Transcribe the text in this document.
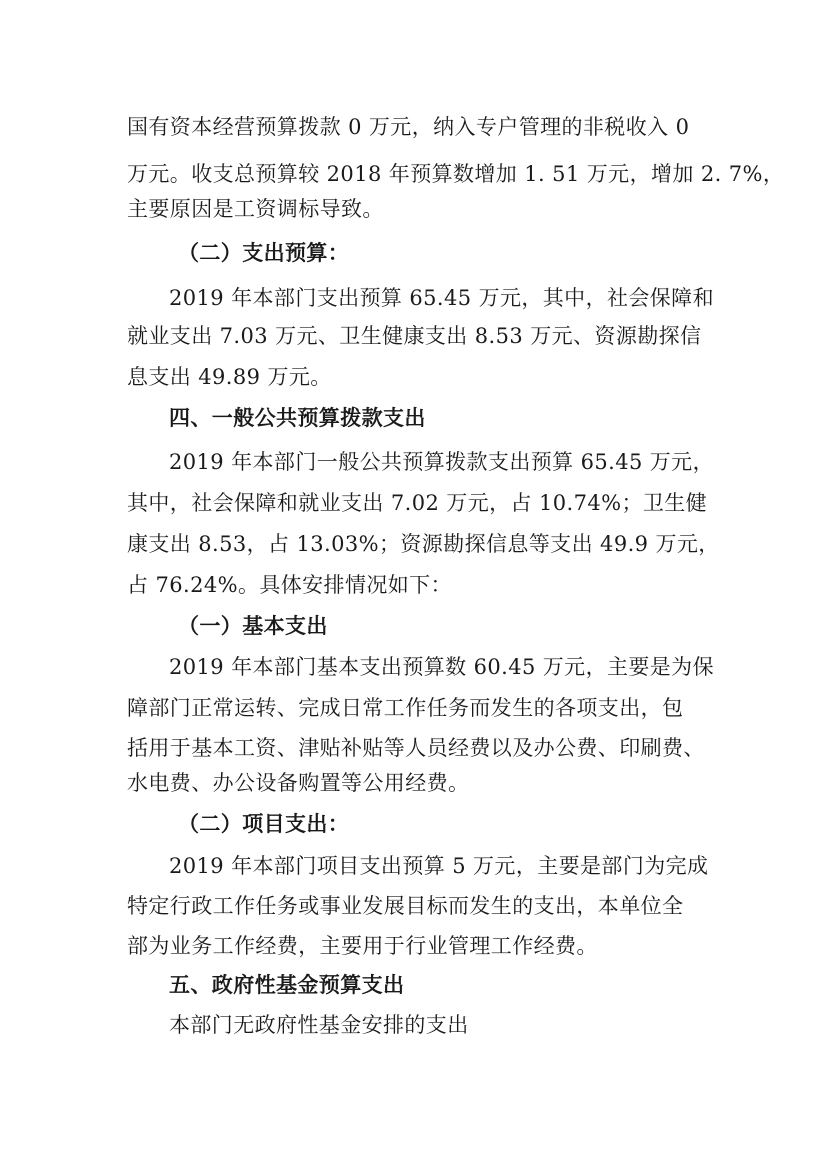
国有资本经营预算拨款 0 万元，纳入专户管理的非税收入 0
万元。收支总预算较 2018 年预算数增加 1. 51 万元，增加 2. 7%，
主要原因是工资调标导致。
（二）支出预算：
2019 年本部门支出预算 65.45 万元，其中，社会保障和
就业支出 7.03 万元、卫生健康支出 8.53 万元、资源勘探信
息支出 49.89 万元。
四、一般公共预算拨款支出
2019 年本部门一般公共预算拨款支出预算 65.45 万元，
其中，社会保障和就业支出 7.02 万元，占 10.74%；卫生健
康支出 8.53，占 13.03%；资源勘探信息等支出 49.9 万元，
占 76.24%。具体安排情况如下：
（一）基本支出
2019 年本部门基本支出预算数 60.45 万元，主要是为保
障部门正常运转、完成日常工作任务而发生的各项支出，包
括用于基本工资、津贴补贴等人员经费以及办公费、印刷费、
水电费、办公设备购置等公用经费。
（二）项目支出：
2019 年本部门项目支出预算 5 万元，主要是部门为完成
特定行政工作任务或事业发展目标而发生的支出，本单位全
部为业务工作经费，主要用于行业管理工作经费。
五、政府性基金预算支出
本部门无政府性基金安排的支出
